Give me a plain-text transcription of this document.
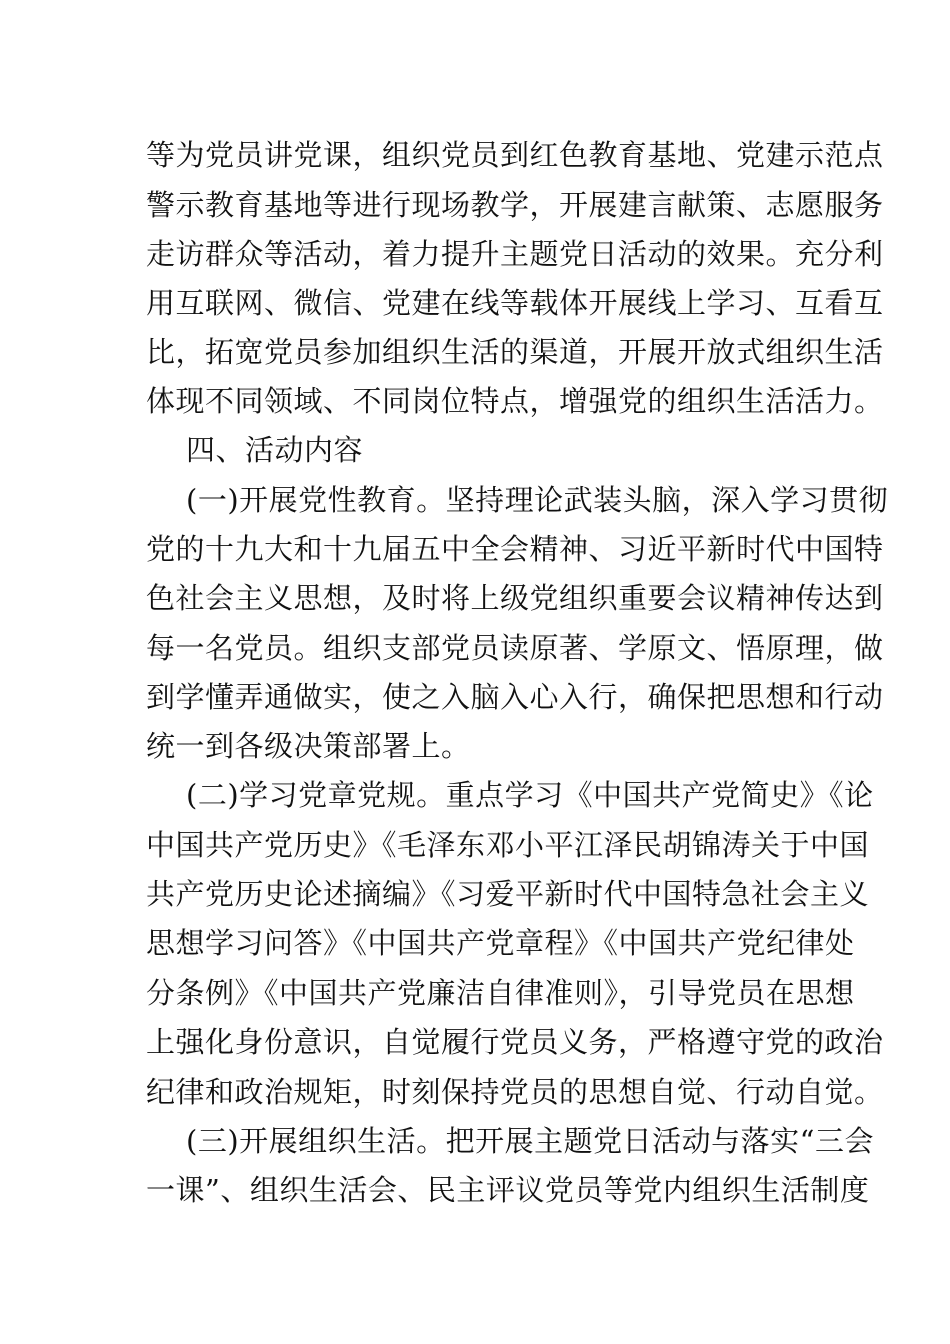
等为党员讲党课，组织党员到红色教育基地、党建示范点
警示教育基地等进行现场教学，开展建言献策、志愿服务
走访群众等活动，着力提升主题党日活动的效果。充分利
用互联网、微信、党建在线等载体开展线上学习、互看互
比，拓宽党员参加组织生活的渠道，开展开放式组织生活
体现不同领域、不同岗位特点，增强党的组织生活活力。
四、活动内容
(一)开展党性教育。坚持理论武装头脑，深入学习贯彻
党的十九大和十九届五中全会精神、习近平新时代中国特
色社会主义思想，及时将上级党组织重要会议精神传达到
每一名党员。组织支部党员读原著、学原文、悟原理，做
到学懂弄通做实，使之入脑入心入行，确保把思想和行动
统一到各级决策部署上。
(二)学习党章党规。重点学习《中国共产党简史》《论
中国共产党历史》《毛泽东邓小平江泽民胡锦涛关于中国
共产党历史论述摘编》《习爱平新时代中国特急社会主义
思想学习问答》《中国共产党章程》《中国共产党纪律处
分条例》《中国共产党廉洁自律准则》，引导党员在思想
上强化身份意识，自觉履行党员义务，严格遵守党的政治
纪律和政治规矩，时刻保持党员的思想自觉、行动自觉。
(三)开展组织生活。把开展主题党日活动与落实“三会
一课”、组织生活会、民主评议党员等党内组织生活制度
